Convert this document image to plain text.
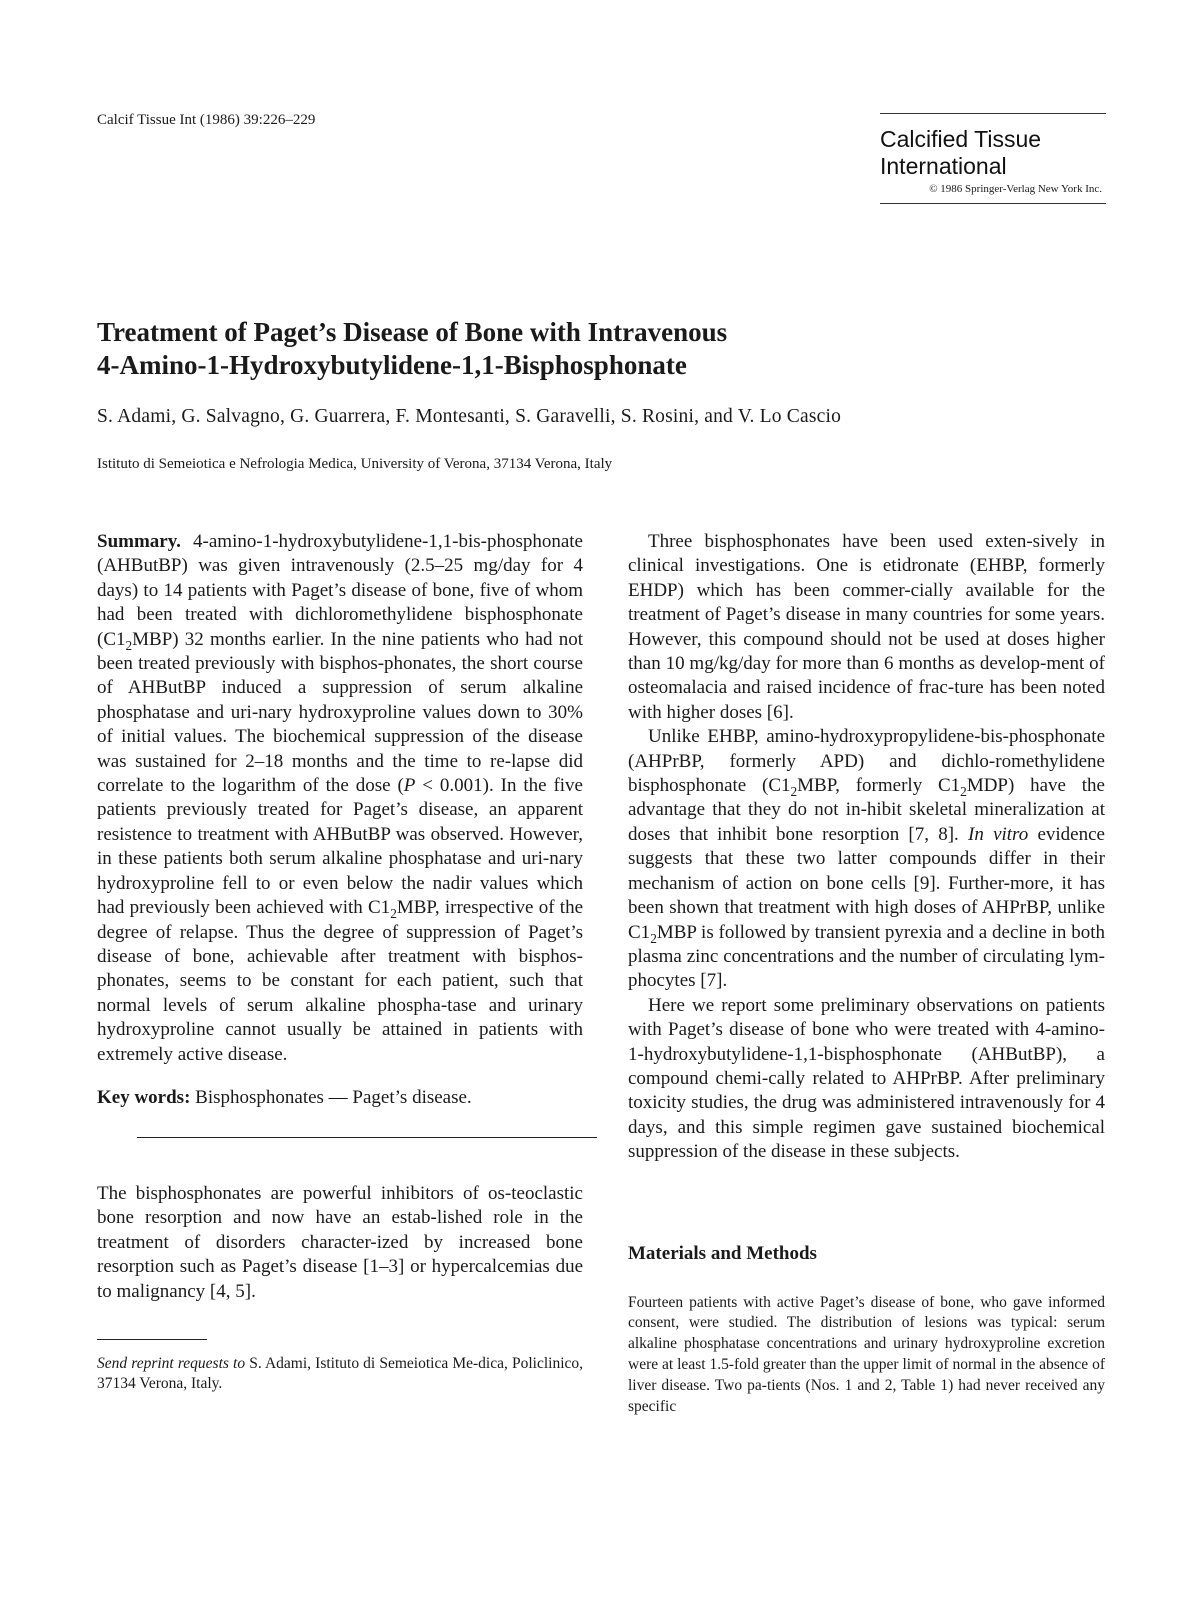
Calcif Tissue Int (1986) 39:226–229
Calcified Tissue
International
© 1986 Springer-Verlag New York Inc.
Treatment of Paget’s Disease of Bone with Intravenous
4-Amino-1-Hydroxybutylidene-1,1-Bisphosphonate
S. Adami, G. Salvagno, G. Guarrera, F. Montesanti, S. Garavelli, S. Rosini, and V. Lo Cascio
Istituto di Semeiotica e Nefrologia Medica, University of Verona, 37134 Verona, Italy

Summary. 4-amino-1-hydroxybutylidene-1,1-bis-phosphonate (AHButBP) was given intravenously (2.5–25 mg/day for 4 days) to 14 patients with Paget’s disease of bone, five of whom had been treated with dichloromethylidene bisphosphonate $(C1_2MBP)$ 32 months earlier. In the nine patients who had not been treated previously with bisphos-phonates, the short course of AHButBP induced a suppression of serum alkaline phosphatase and uri-nary hydroxyproline values down to 30% of initial values. The biochemical suppression of the disease was sustained for 2–18 months and the time to re-lapse did correlate to the logarithm of the dose (P < 0.001). In the five patients previously treated for Paget’s disease, an apparent resistence to treatment with AHButBP was observed. However, in these patients both serum alkaline phosphatase and uri-nary hydroxyproline fell to or even below the nadir values which had previously been achieved with $C1_2MBP$, irrespective of the degree of relapse. Thus the degree of suppression of Paget’s disease of bone, achievable after treatment with bisphos-phonates, seems to be constant for each patient, such that normal levels of serum alkaline phospha-tase and urinary hydroxyproline cannot usually be attained in patients with extremely active disease.

Key words: Bisphosphonates — Paget’s disease.

The bisphosphonates are powerful inhibitors of os-teoclastic bone resorption and now have an estab-lished role in the treatment of disorders character-ized by increased bone resorption such as Paget’s disease [1–3] or hypercalcemias due to malignancy [4, 5].

Send reprint requests to S. Adami, Istituto di Semeiotica Me-dica, Policlinico, 37134 Verona, Italy.

Three bisphosphonates have been used exten-sively in clinical investigations. One is etidronate (EHBP, formerly EHDP) which has been commer-cially available for the treatment of Paget’s disease in many countries for some years. However, this compound should not be used at doses higher than 10 mg/kg/day for more than 6 months as develop-ment of osteomalacia and raised incidence of frac-ture has been noted with higher doses [6].

Unlike EHBP, amino-hydroxypropylidene-bis-phosphonate (AHPrBP, formerly APD) and dichlo-romethylidene bisphosphonate ($C1_2MBP$, formerly $C1_2MDP$) have the advantage that they do not in-hibit skeletal mineralization at doses that inhibit bone resorption [7, 8]. In vitro evidence suggests that these two latter compounds differ in their mechanism of action on bone cells [9]. Further-more, it has been shown that treatment with high doses of AHPrBP, unlike $C1_2MBP$ is followed by transient pyrexia and a decline in both plasma zinc concentrations and the number of circulating lym-phocytes [7].

Here we report some preliminary observations on patients with Paget’s disease of bone who were treated with 4-amino-1-hydroxybutylidene-1,1-bisphosphonate (AHButBP), a compound chemi-cally related to AHPrBP. After preliminary toxicity studies, the drug was administered intravenously for 4 days, and this simple regimen gave sustained biochemical suppression of the disease in these subjects.

Materials and Methods

Fourteen patients with active Paget’s disease of bone, who gave informed consent, were studied. The distribution of lesions was typical: serum alkaline phosphatase concentrations and urinary hydroxyproline excretion were at least 1.5-fold greater than the upper limit of normal in the absence of liver disease. Two pa-tients (Nos. 1 and 2, Table 1) had never received any specific
